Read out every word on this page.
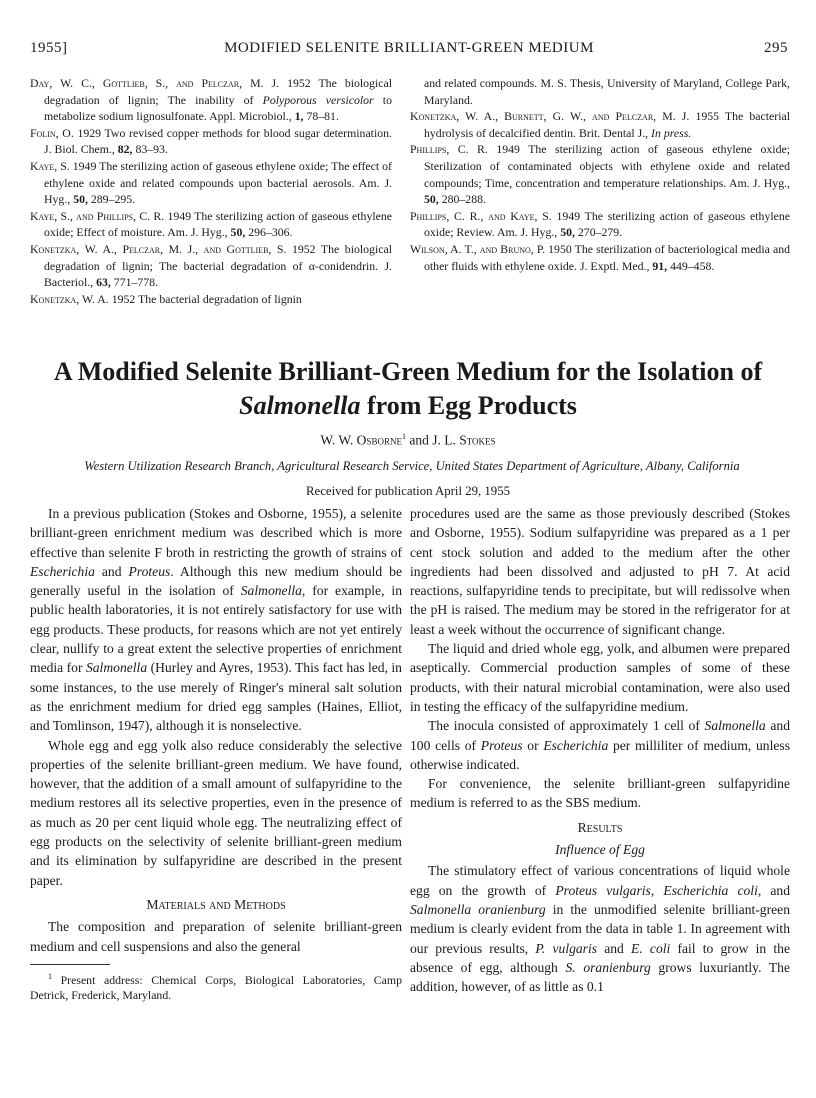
1955]	MODIFIED SELENITE BRILLIANT-GREEN MEDIUM	295

Day, W. C., Gottlieb, S., and Pelczar, M. J. 1952 The biological degradation of lignin; The inability of Polyporous versicolor to metabolize sodium lignosulfonate. Appl. Microbiol., 1, 78–81.

Folin, O. 1929 Two revised copper methods for blood sugar determination. J. Biol. Chem., 82, 83–93.

Kaye, S. 1949 The sterilizing action of gaseous ethylene oxide; The effect of ethylene oxide and related compounds upon bacterial aerosols. Am. J. Hyg., 50, 289–295.

Kaye, S., and Phillips, C. R. 1949 The sterilizing action of gaseous ethylene oxide; Effect of moisture. Am. J. Hyg., 50, 296–306.

Konetzka, W. A., Pelczar, M. J., and Gottlieb, S. 1952 The biological degradation of lignin; The bacterial degradation of α-conidendrin. J. Bacteriol., 63, 771–778.

Konetzka, W. A. 1952 The bacterial degradation of lignin

and related compounds. M. S. Thesis, University of Maryland, College Park, Maryland.

Konetzka, W. A., Burnett, G. W., and Pelczar, M. J. 1955 The bacterial hydrolysis of decalcified dentin. Brit. Dental J., In press.

Phillips, C. R. 1949 The sterilizing action of gaseous ethylene oxide; Sterilization of contaminated objects with ethylene oxide and related compounds; Time, concentration and temperature relationships. Am. J. Hyg., 50, 280–288.

Phillips, C. R., and Kaye, S. 1949 The sterilizing action of gaseous ethylene oxide; Review. Am. J. Hyg., 50, 270–279.

Wilson, A. T., and Bruno, P. 1950 The sterilization of bacteriological media and other fluids with ethylene oxide. J. Exptl. Med., 91, 449–458.

A Modified Selenite Brilliant-Green Medium for the Isolation of Salmonella from Egg Products
W. W. Osborne$^1$ and J. L. Stokes
Western Utilization Research Branch, Agricultural Research Service, United States Department of Agriculture, Albany, California
Received for publication April 29, 1955

In a previous publication (Stokes and Osborne, 1955), a selenite brilliant-green enrichment medium was described which is more effective than selenite F broth in restricting the growth of strains of Escherichia and Proteus. Although this new medium should be generally useful in the isolation of Salmonella, for example, in public health laboratories, it is not entirely satisfactory for use with egg products. These products, for reasons which are not yet entirely clear, nullify to a great extent the selective properties of enrichment media for Salmonella (Hurley and Ayres, 1953). This fact has led, in some instances, to the use merely of Ringer's mineral salt solution as the enrichment medium for dried egg samples (Haines, Elliot, and Tomlinson, 1947), although it is nonselective.

Whole egg and egg yolk also reduce considerably the selective properties of the selenite brilliant-green medium. We have found, however, that the addition of a small amount of sulfapyridine to the medium restores all its selective properties, even in the presence of as much as 20 per cent liquid whole egg. The neutralizing effect of egg products on the selectivity of selenite brilliant-green medium and its elimination by sulfapyridine are described in the present paper.

Materials and Methods

The composition and preparation of selenite brilliant-green medium and cell suspensions and also the general

$^1$ Present address: Chemical Corps, Biological Laboratories, Camp Detrick, Frederick, Maryland.

procedures used are the same as those previously described (Stokes and Osborne, 1955). Sodium sulfapyridine was prepared as a 1 per cent stock solution and added to the medium after the other ingredients had been dissolved and adjusted to pH 7. At acid reactions, sulfapyridine tends to precipitate, but will redissolve when the pH is raised. The medium may be stored in the refrigerator for at least a week without the occurrence of significant change.

The liquid and dried whole egg, yolk, and albumen were prepared aseptically. Commercial production samples of some of these products, with their natural microbial contamination, were also used in testing the efficacy of the sulfapyridine medium.

The inocula consisted of approximately 1 cell of Salmonella and 100 cells of Proteus or Escherichia per milliliter of medium, unless otherwise indicated.

For convenience, the selenite brilliant-green sulfapyridine medium is referred to as the SBS medium.

Results
Influence of Egg

The stimulatory effect of various concentrations of liquid whole egg on the growth of Proteus vulgaris, Escherichia coli, and Salmonella oranienburg in the unmodified selenite brilliant-green medium is clearly evident from the data in table 1. In agreement with our previous results, P. vulgaris and E. coli fail to grow in the absence of egg, although S. oranienburg grows luxuriantly. The addition, however, of as little as 0.1
